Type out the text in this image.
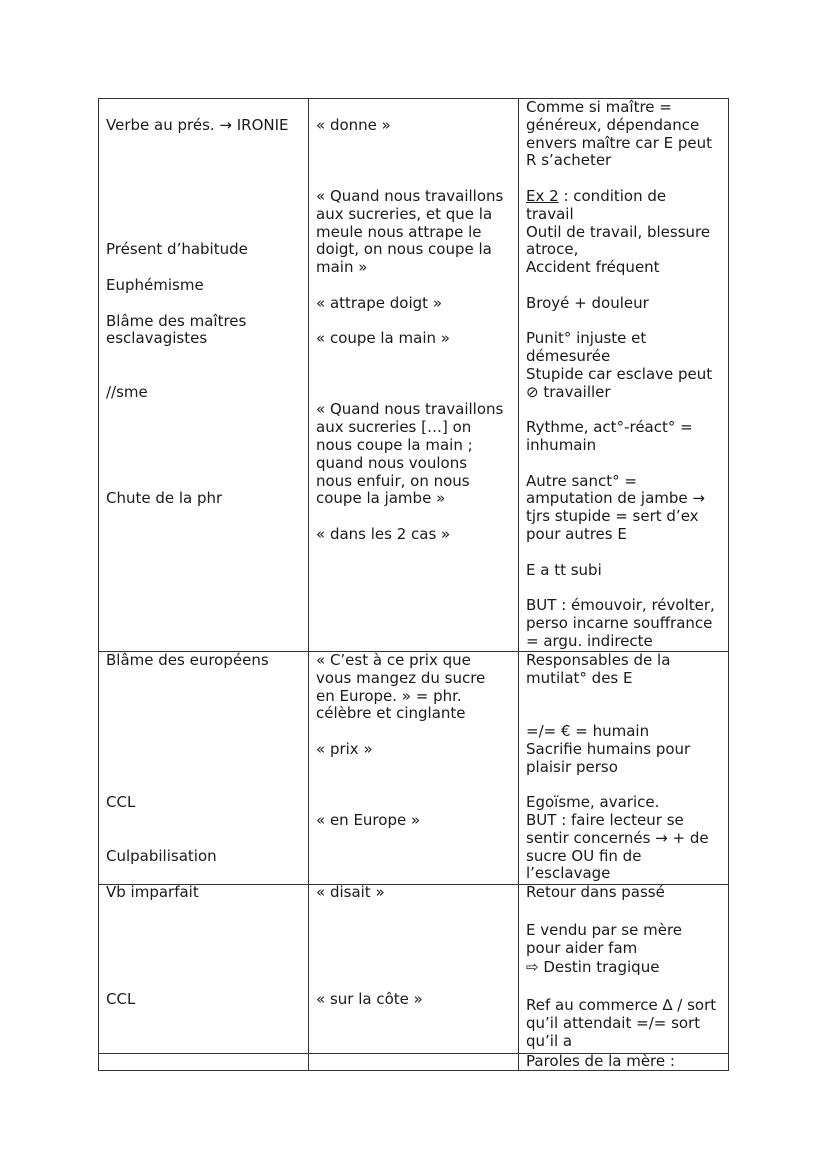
Verbe au prés. → IRONIE
Présent d’habitude
Euphémisme
Blâme des maîtres
esclavagistes
//sme
Chute de la phr
« donne »
« Quand nous travaillons
aux sucreries, et que la
meule nous attrape le
doigt, on nous coupe la
main »
« attrape doigt »
« coupe la main »
« Quand nous travaillons
aux sucreries […] on
nous coupe la main ;
quand nous voulons
nous enfuir, on nous
coupe la jambe »
« dans les 2 cas »
Comme si maître =
généreux, dépendance
envers maître car E peut
R s’acheter
Ex 2 : condition de
travail
Outil de travail, blessure
atroce,
Accident fréquent
Broyé + douleur
Punit° injuste et
démesurée
Stupide car esclave peut
⊘ travailler
Rythme, act°-réact° =
inhumain
Autre sanct° =
amputation de jambe →
tjrs stupide = sert d’ex
pour autres E
E a tt subi
BUT : émouvoir, révolter,
perso incarne souffrance
= argu. indirecte
Blâme des européens
CCL
Culpabilisation
« C’est à ce prix que
vous mangez du sucre
en Europe. » = phr.
célèbre et cinglante
« prix »
« en Europe »
Responsables de la
mutilat° des E
=/= € = humain
Sacrifie humains pour
plaisir perso
Egoïsme, avarice.
BUT : faire lecteur se
sentir concernés → + de
sucre OU fin de
l’esclavage
Vb imparfait
CCL
« disait »
« sur la côte »
Retour dans passé
E vendu par se mère
pour aider fam
⇨ Destin tragique
Ref au commerce ∆ / sort
qu’il attendait =/= sort
qu’il a
Paroles de la mère :
